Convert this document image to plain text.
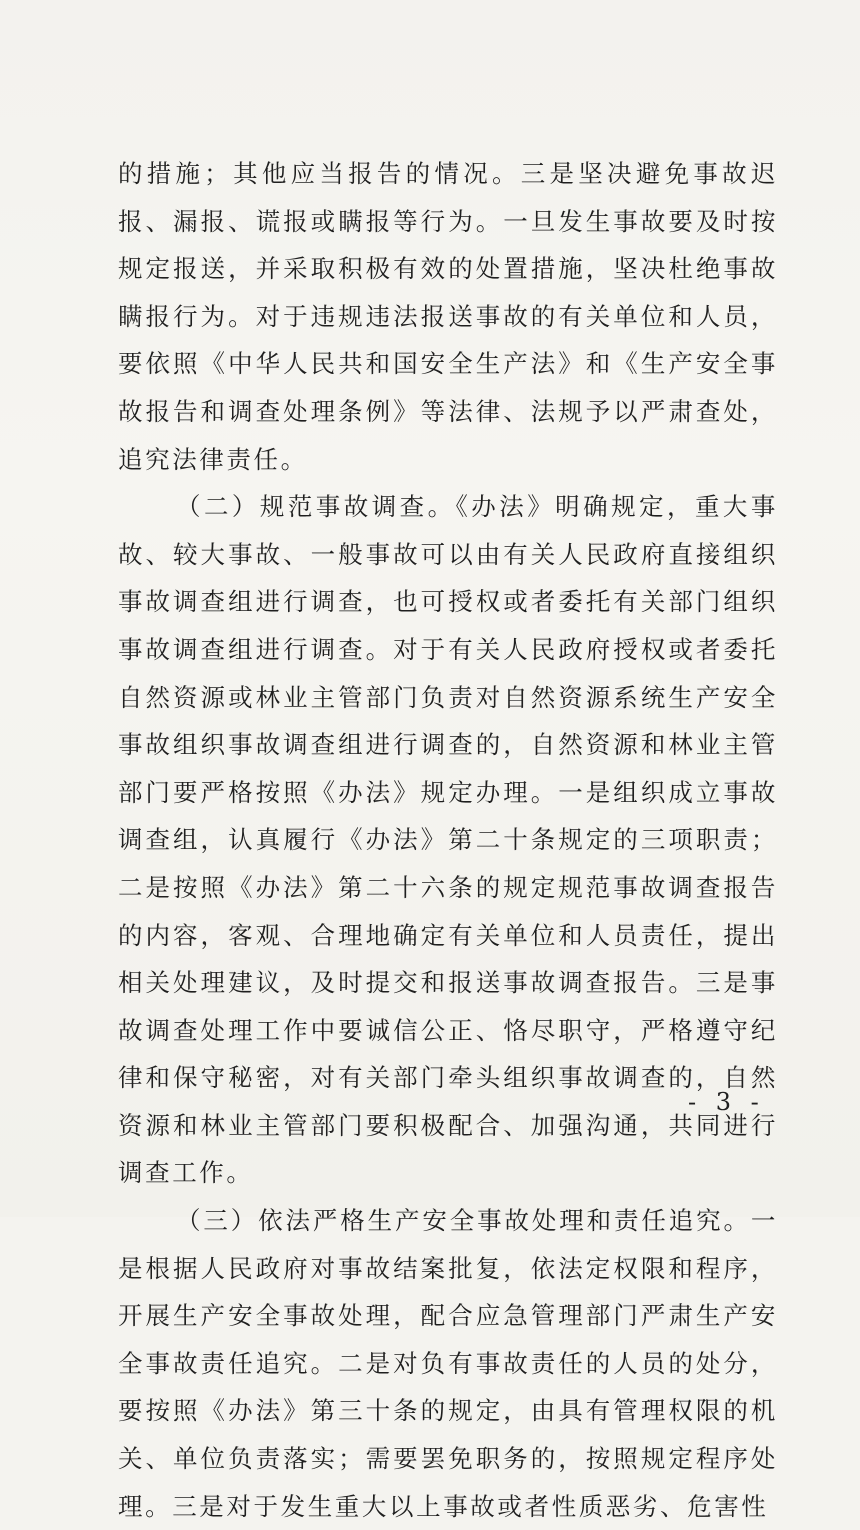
的措施；其他应当报告的情况。三是坚决避免事故迟报、漏报、谎报或瞒报等行为。一旦发生事故要及时按规定报送，并采取积极有效的处置措施，坚决杜绝事故瞒报行为。对于违规违法报送事故的有关单位和人员，要依照《中华人民共和国安全生产法》和《生产安全事故报告和调查处理条例》等法律、法规予以严肃查处，追究法律责任。

（二）规范事故调查。《办法》明确规定，重大事故、较大事故、一般事故可以由有关人民政府直接组织事故调查组进行调查，也可授权或者委托有关部门组织事故调查组进行调查。对于有关人民政府授权或者委托自然资源或林业主管部门负责对自然资源系统生产安全事故组织事故调查组进行调查的，自然资源和林业主管部门要严格按照《办法》规定办理。一是组织成立事故调查组，认真履行《办法》第二十条规定的三项职责；二是按照《办法》第二十六条的规定规范事故调查报告的内容，客观、合理地确定有关单位和人员责任，提出相关处理建议，及时提交和报送事故调查报告。三是事故调查处理工作中要诚信公正、恪尽职守，严格遵守纪律和保守秘密，对有关部门牵头组织事故调查的，自然资源和林业主管部门要积极配合、加强沟通，共同进行调查工作。

（三）依法严格生产安全事故处理和责任追究。一是根据人民政府对事故结案批复，依法定权限和程序，开展生产安全事故处理，配合应急管理部门严肃生产安全事故责任追究。二是对负有事故责任的人员的处分，要按照《办法》第三十条的规定，由具有管理权限的机关、单位负责落实；需要罢免职务的，按照规定程序处理。三是对于发生重大以上事故或者性质恶劣、危害性

- 3 -
